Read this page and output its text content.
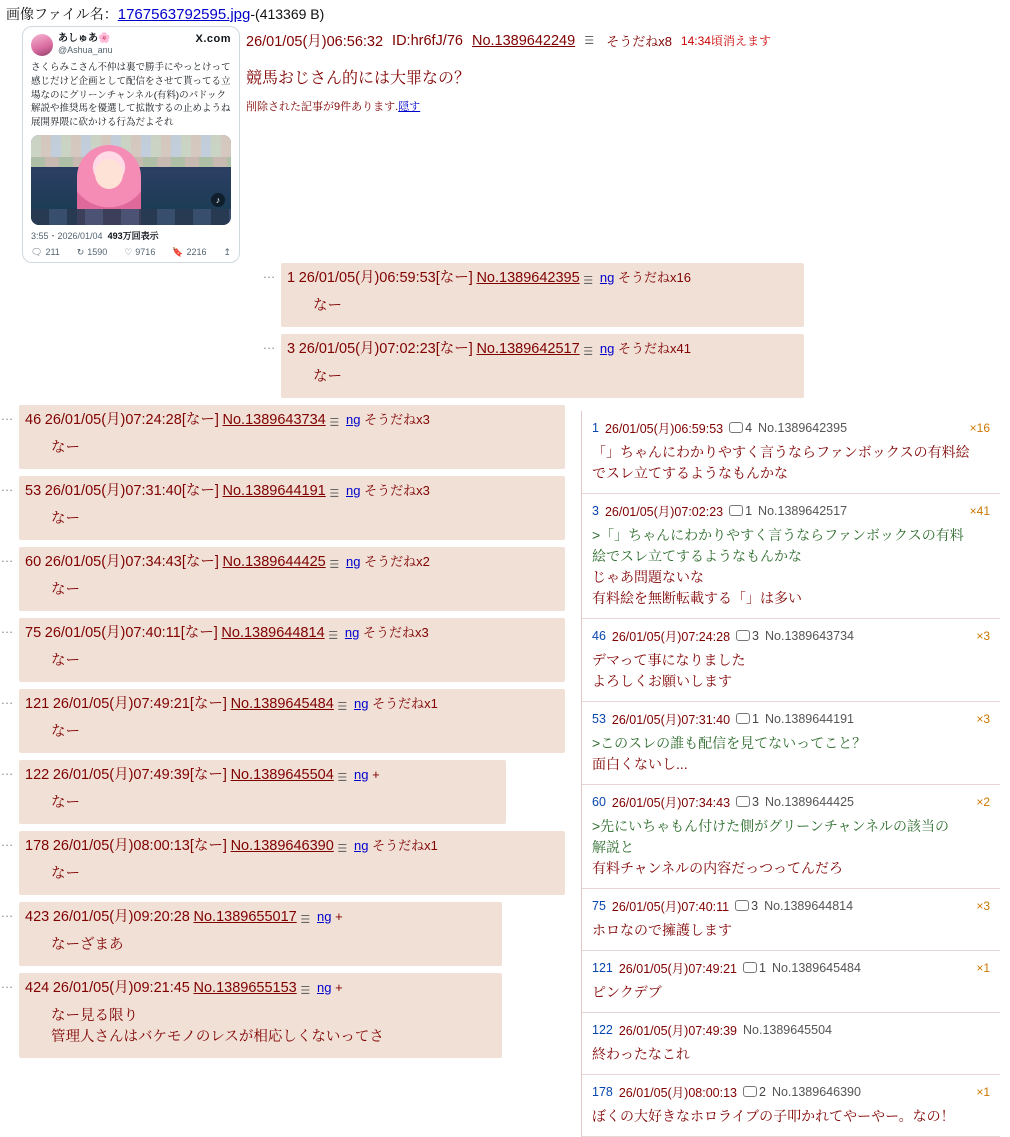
画像ファイル名：1767563792595.jpg-(413369 B)
あしゅあ🌸
@Ashua_anu
X.com
さくらみこさん不仲は裏で勝手にやっとけって感じだけど企画として配信をさせて貰ってる立場なのにグリーンチャンネル(有料)のパドック解説や推奨馬を優選して拡散するの止めようね展開界隈に砍かける行為だよそれ
♪
3:55・2026/01/04 493万回表示
🗨 211 ↻ 1590 ♡ 9716 🔖 2216 ↥
26/01/05(月)06:56:32 ID:hr6fJ/76 No.1389642249 ☰ そうだねx8 14:34頃消えます
競馬おじさん的には大罪なの？
削除された記事が9件あります.隠す
… 1 26/01/05(月)06:59:53[なー] No.1389642395 ☰ ng そうだねx16
なー
… 3 26/01/05(月)07:02:23[なー] No.1389642517 ☰ ng そうだねx41
なー
… 46 26/01/05(月)07:24:28[なー] No.1389643734 ☰ ng そうだねx3
なー
… 53 26/01/05(月)07:31:40[なー] No.1389644191 ☰ ng そうだねx3
なー
… 60 26/01/05(月)07:34:43[なー] No.1389644425 ☰ ng そうだねx2
なー
… 75 26/01/05(月)07:40:11[なー] No.1389644814 ☰ ng そうだねx3
なー
… 121 26/01/05(月)07:49:21[なー] No.1389645484 ☰ ng そうだねx1
なー
… 122 26/01/05(月)07:49:39[なー] No.1389645504 ☰ ng +
なー
… 178 26/01/05(月)08:00:13[なー] No.1389646390 ☰ ng そうだねx1
なー
… 423 26/01/05(月)09:20:28 No.1389655017 ☰ ng +
なーざまあ
… 424 26/01/05(月)09:21:45 No.1389655153 ☰ ng +
なー見る限り
管理人さんはバケモノのレスが相応しくないってさ
1 26/01/05(月)06:59:53	4 No.1389642395	×16
「」ちゃんにわかりやすく言うならファンボックスの有料絵
でスレ立てするようなもんかな
3 26/01/05(月)07:02:23	1 No.1389642517	×41
>「」ちゃんにわかりやすく言うならファンボックスの有料
絵でスレ立てするようなもんかな
じゃあ問題ないな
有料絵を無断転載する「」は多い
46 26/01/05(月)07:24:28	3 No.1389643734	×3
デマって事になりました
よろしくお願いします
53 26/01/05(月)07:31:40	1 No.1389644191	×3
>このスレの誰も配信を見てないってこと？
面白くないし...
60 26/01/05(月)07:34:43	3 No.1389644425	×2
>先にいちゃもん付けた側がグリーンチャンネルの該当の
解説と
有料チャンネルの内容だっつってんだろ
75 26/01/05(月)07:40:11	3 No.1389644814	×3
ホロなので擁護します
121 26/01/05(月)07:49:21	1 No.1389645484	×1
ピンクデブ
122 26/01/05(月)07:49:39 No.1389645504
終わったなこれ
178 26/01/05(月)08:00:13	2 No.1389646390	×1
ぼくの大好きなホロライブの子叩かれてやーやー。なの！
